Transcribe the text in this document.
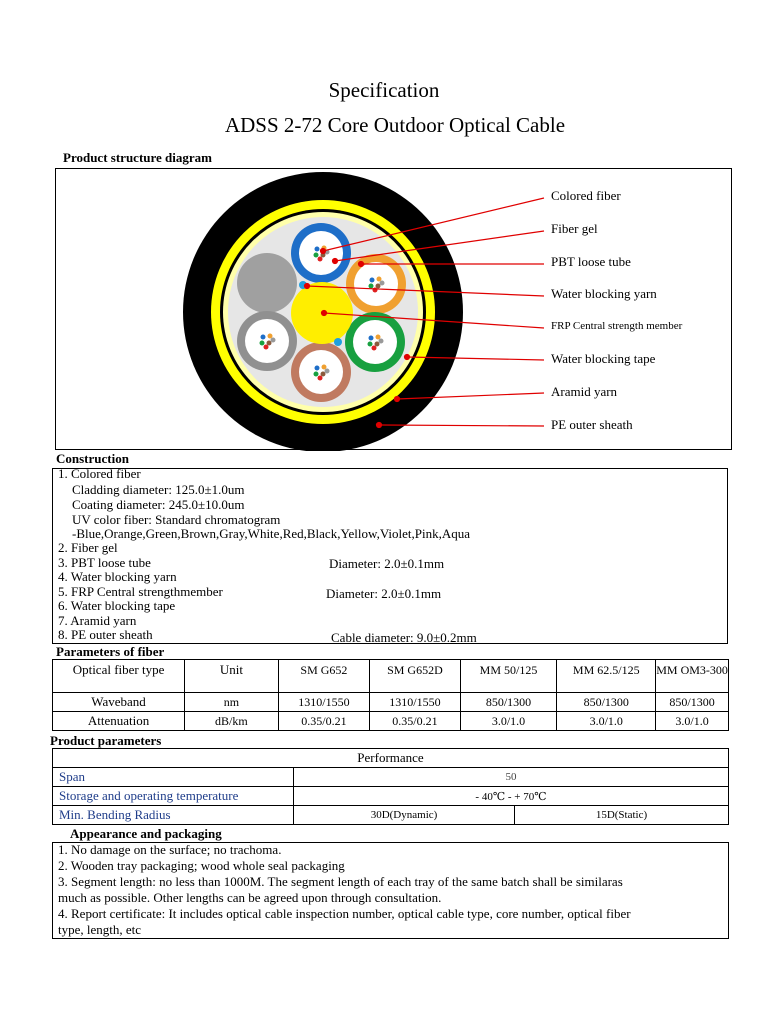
Specification
ADSS 2-72 Core Outdoor Optical Cable
Product structure diagram
Colored fiber
Fiber gel
PBT loose tube
Water blocking yarn
FRP Central strength member
Water blocking tape
Aramid yarn
PE outer sheath
Construction
1. Colored fiber
Cladding diameter: 125.0±1.0um
Coating diameter: 245.0±10.0um
UV color fiber: Standard chromatogram
-Blue,Orange,Green,Brown,Gray,White,Red,Black,Yellow,Violet,Pink,Aqua
2. Fiber gel
3. PBT loose tube
4. Water blocking yarn
5. FRP Central strengthmember
6. Water blocking tape
7. Aramid yarn
8. PE outer sheath
Diameter: 2.0±0.1mm
Diameter: 2.0±0.1mm
Cable diameter: 9.0±0.2mm
Parameters of fiber
Optical fiber type	Unit	SM G652	SM G652D	MM 50/125	MM 62.5/125	MM OM3-300
Waveband	nm	1310/1550	1310/1550	850/1300	850/1300	850/1300
Attenuation	dB/km	0.35/0.21	0.35/0.21	3.0/1.0	3.0/1.0	3.0/1.0
Product parameters
Performance		
Span	50	
Storage and operating temperature	- 40℃ - + 70℃	
Min. Bending Radius	30D(Dynamic)	15D(Static)
Appearance and packaging
1. No damage on the surface; no trachoma.
2. Wooden tray packaging; wood whole seal packaging
3. Segment length: no less than 1000M. The segment length of each tray of the same batch shall be similaras
much as possible. Other lengths can be agreed upon through consultation.
4. Report certificate: It includes optical cable inspection number, optical cable type, core number, optical fiber
type, length, etc
